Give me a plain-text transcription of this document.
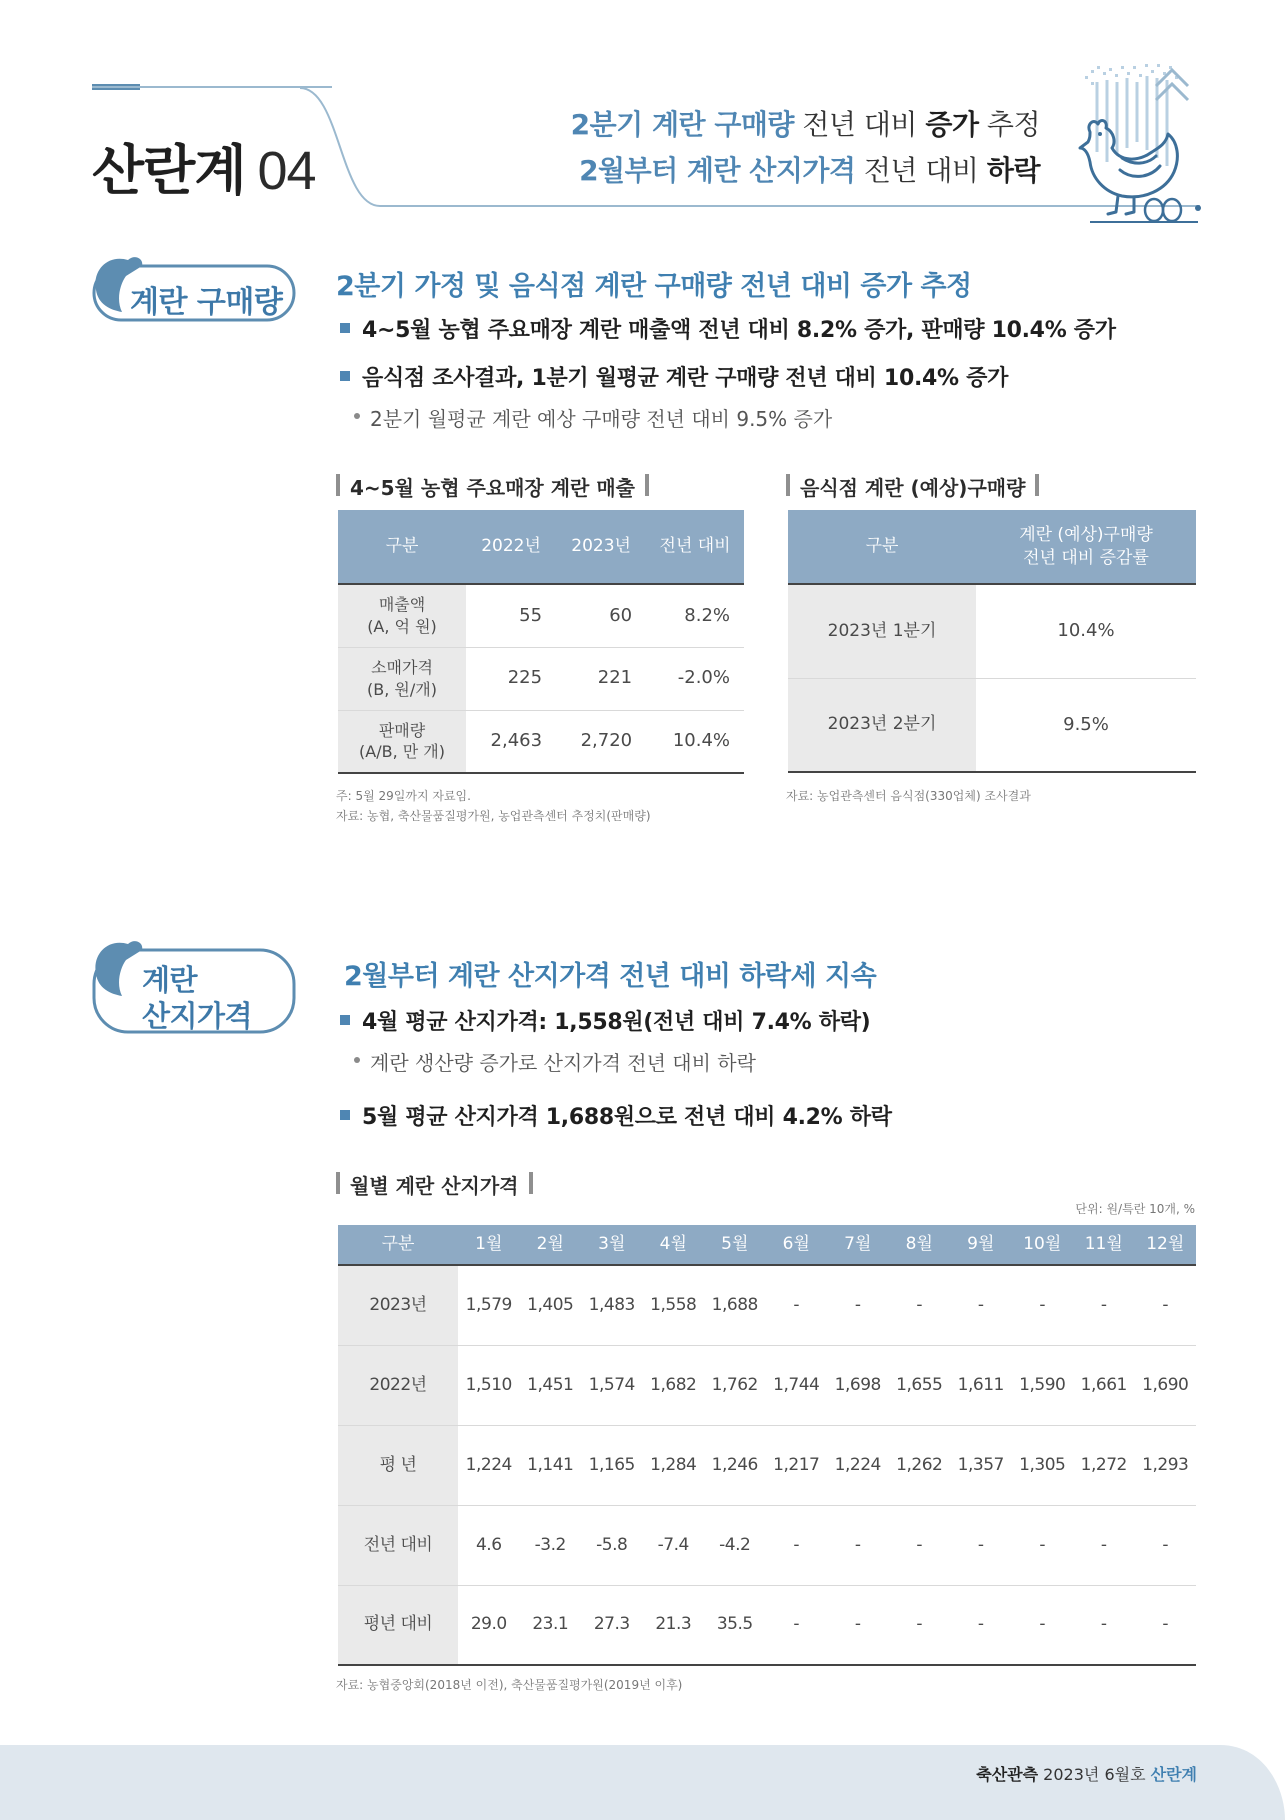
산란계 04
2분기 계란 구매량 전년 대비 증가 추정
2월부터 계란 산지가격 전년 대비 하락
계란 구매량 2분기 가정 및 음식점 계란 구매량 전년 대비 증가 추정
4~5월 농협 주요매장 계란 매출액 전년 대비 8.2% 증가, 판매량 10.4% 증가
음식점 조사결과, 1분기 월평균 계란 구매량 전년 대비 10.4% 증가
2분기 월평균 계란 예상 구매량 전년 대비 9.5% 증가
4~5월 농협 주요매장 계란 매출
구분	2022년	2023년	전년 대비
매출액
(A, 억 원)	55	60	8.2%
소매가격
(B, 원/개)	225	221	-2.0%
판매량
(A/B, 만 개)	2,463	2,720	10.4%
주: 5월 29일까지 자료임.
자료: 농협, 축산물품질평가원, 농업관측센터 추정치(판매량)
음식점 계란 (예상)구매량
구분	계란 (예상)구매량
전년 대비 증감률
2023년 1분기	10.4%
2023년 2분기	9.5%
자료: 농업관측센터 음식점(330업체) 조사결과
계란
산지가격
2월부터 계란 산지가격 전년 대비 하락세 지속
4월 평균 산지가격: 1,558원(전년 대비 7.4% 하락)
계란 생산량 증가로 산지가격 전년 대비 하락
5월 평균 산지가격 1,688원으로 전년 대비 4.2% 하락
월별 계란 산지가격
단위: 원/특란 10개, %
구분	1월	2월	3월	4월	5월	6월	7월	8월	9월	10월	11월	12월
2023년	1,579	1,405	1,483	1,558	1,688	-	-	-	-	-	-	-
2022년	1,510	1,451	1,574	1,682	1,762	1,744	1,698	1,655	1,611	1,590	1,661	1,690
평 년	1,224	1,141	1,165	1,284	1,246	1,217	1,224	1,262	1,357	1,305	1,272	1,293
전년 대비	4.6	-3.2	-5.8	-7.4	-4.2	-	-	-	-	-	-	-
평년 대비	29.0	23.1	27.3	21.3	35.5	-	-	-	-	-	-	-
자료: 농협중앙회(2018년 이전), 축산물품질평가원(2019년 이후)
축산관측 2023년 6월호 산란계
